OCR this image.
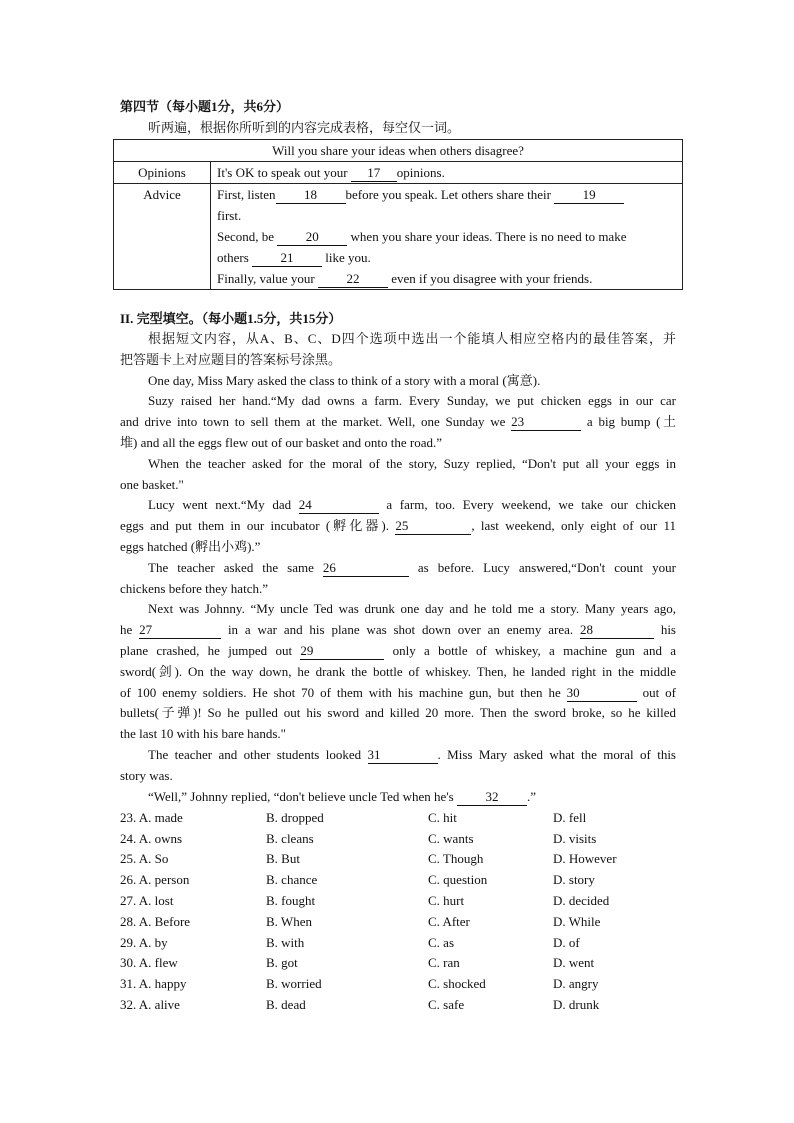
第四节（每小题1分，共6分）
听两遍，根据你所听到的内容完成表格，每空仅一词。
Will you share your ideas when others disagree?	
Opinions	It's OK to speak out your 17 opinions.
Advice	First, listen 18 before you speak. Let others share their 19
first.
Second, be 20 when you share your ideas. There is no need to make
others 21 like you.
Finally, value your 22 even if you disagree with your friends.
II. 完型填空。（每小题1.5分，共15分）
根据短文内容，从A、B、C、D四个选项中选出一个能填人相应空格内的最佳答案，并
把答题卡上对应题目的答案标号涂黑。
One day, Miss Mary asked the class to think of a story with a moral (寓意).
Suzy raised her hand.“My dad owns a farm. Every Sunday, we put chicken eggs in our car
and drive into town to sell them at the market. Well, one Sunday we 23	a big bump (土
堆) and all the eggs flew out of our basket and onto the road.”
When the teacher asked for the moral of the story, Suzy replied, “Don't put all your eggs in
one basket."
Lucy went next.“My dad 24	a farm, too. Every weekend, we take our chicken
eggs and put them in our incubator (孵化器). 25	, last weekend, only eight of our 11
eggs hatched (孵出小鸡).”
The teacher asked the same 26	as before. Lucy answered,“Don't count your
chickens before they hatch.”
Next was Johnny. “My uncle Ted was drunk one day and he told me a story. Many years ago,
he 27	in a war and his plane was shot down over an enemy area. 28	his
plane crashed, he jumped out 29	only a bottle of whiskey, a machine gun and a
sword(剑). On the way down, he drank the bottle of whiskey. Then, he landed right in the middle
of 100 enemy soldiers. He shot 70 of them with his machine gun, but then he 30	out of
bullets(子弹)! So he pulled out his sword and killed 20 more. Then the sword broke, so he killed
the last 10 with his bare hands."
The teacher and other students looked 31	. Miss Mary asked what the moral of this
story was.
“Well,” Johnny replied, “don't believe uncle Ted when he's 32 .”
23. A. made	B. dropped	C. hit	D. fell
24. A. owns	B. cleans	C. wants	D. visits
25. A. So	B. But	C. Though	D. However
26. A. person	B. chance	C. question	D. story
27. A. lost	B. fought	C. hurt	D. decided
28. A. Before	B. When	C. After	D. While
29. A. by	B. with	C. as	D. of
30. A. flew	B. got	C. ran	D. went
31. A. happy	B. worried	C. shocked	D. angry
32. A. alive	B. dead	C. safe	D. drunk
